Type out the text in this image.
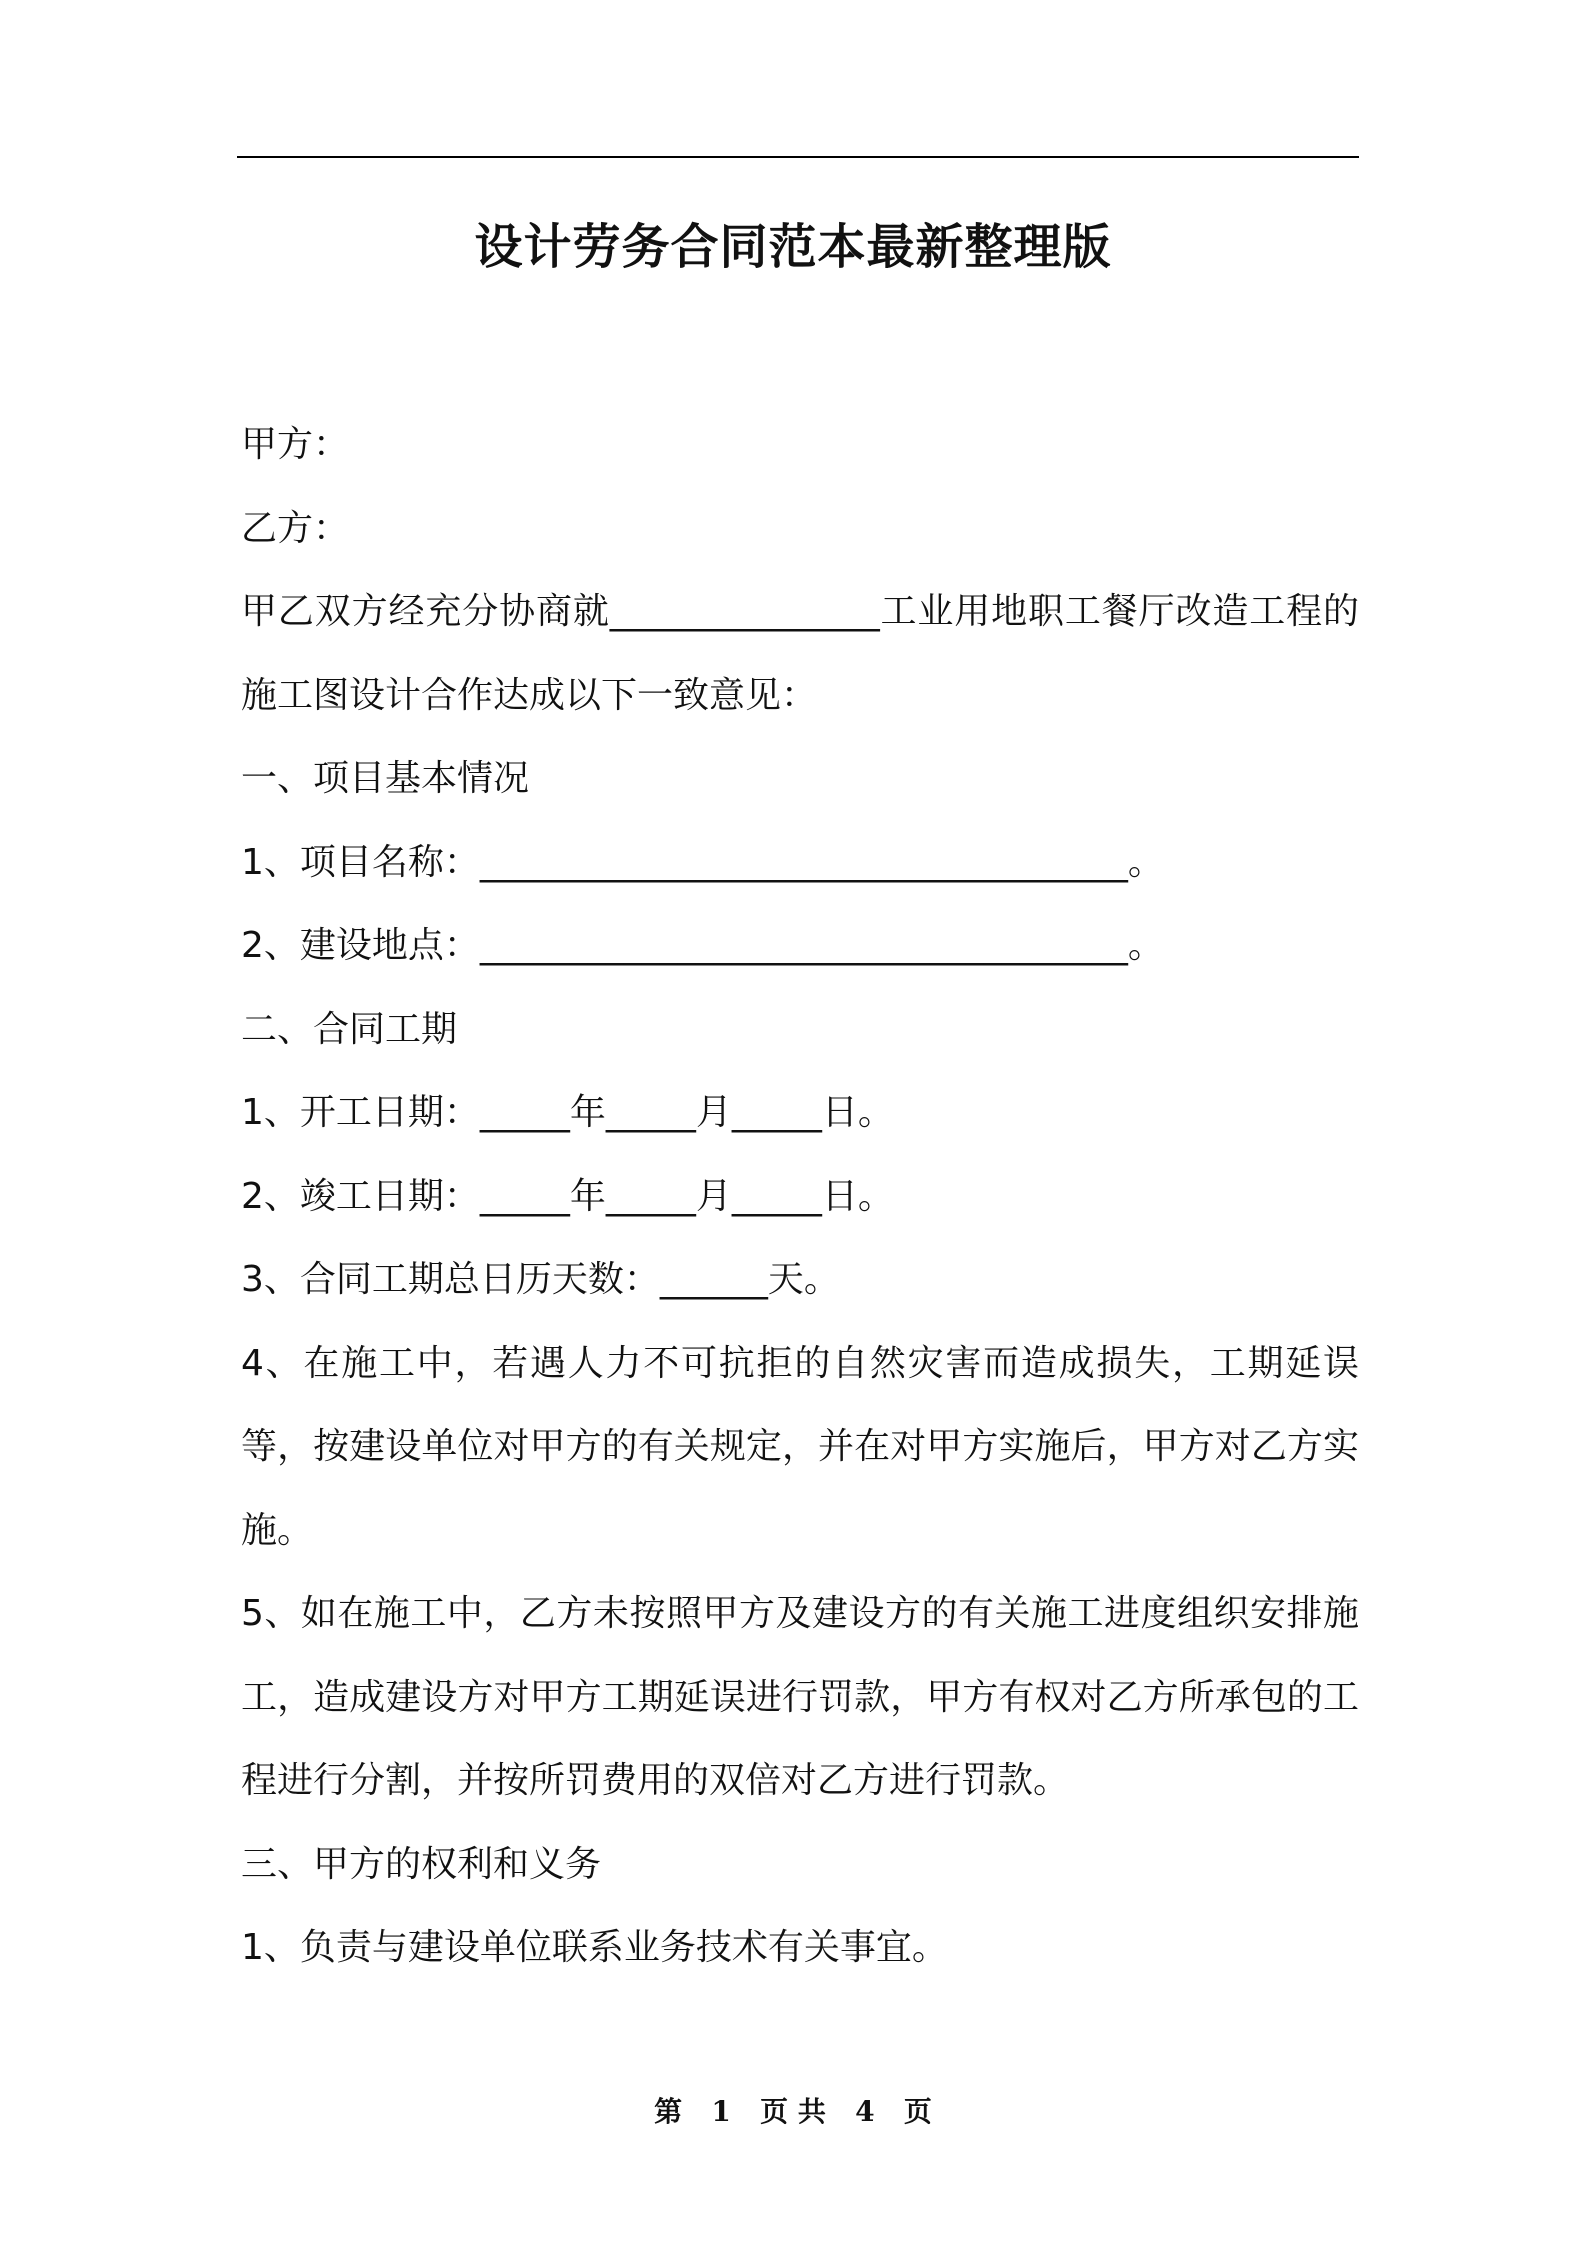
设计劳务合同范本最新整理版

甲方：

乙方：

甲乙双方经充分协商就_______________工业用地职工餐厅改造工程的施工图设计合作达成以下一致意见：

一、项目基本情况

1、项目名称：____________________________________。

2、建设地点：____________________________________。

二、合同工期

1、开工日期：_____年_____月_____日。

2、竣工日期：_____年_____月_____日。

3、合同工期总日历天数：______天。

4、在施工中，若遇人力不可抗拒的自然灾害而造成损失，工期延误等，按建设单位对甲方的有关规定，并在对甲方实施后，甲方对乙方实施。

5、如在施工中，乙方未按照甲方及建设方的有关施工进度组织安排施工，造成建设方对甲方工期延误进行罚款，甲方有权对乙方所承包的工程进行分割，并按所罚费用的双倍对乙方进行罚款。

三、甲方的权利和义务

1、负责与建设单位联系业务技术有关事宜。

第 1 页 共 4 页
